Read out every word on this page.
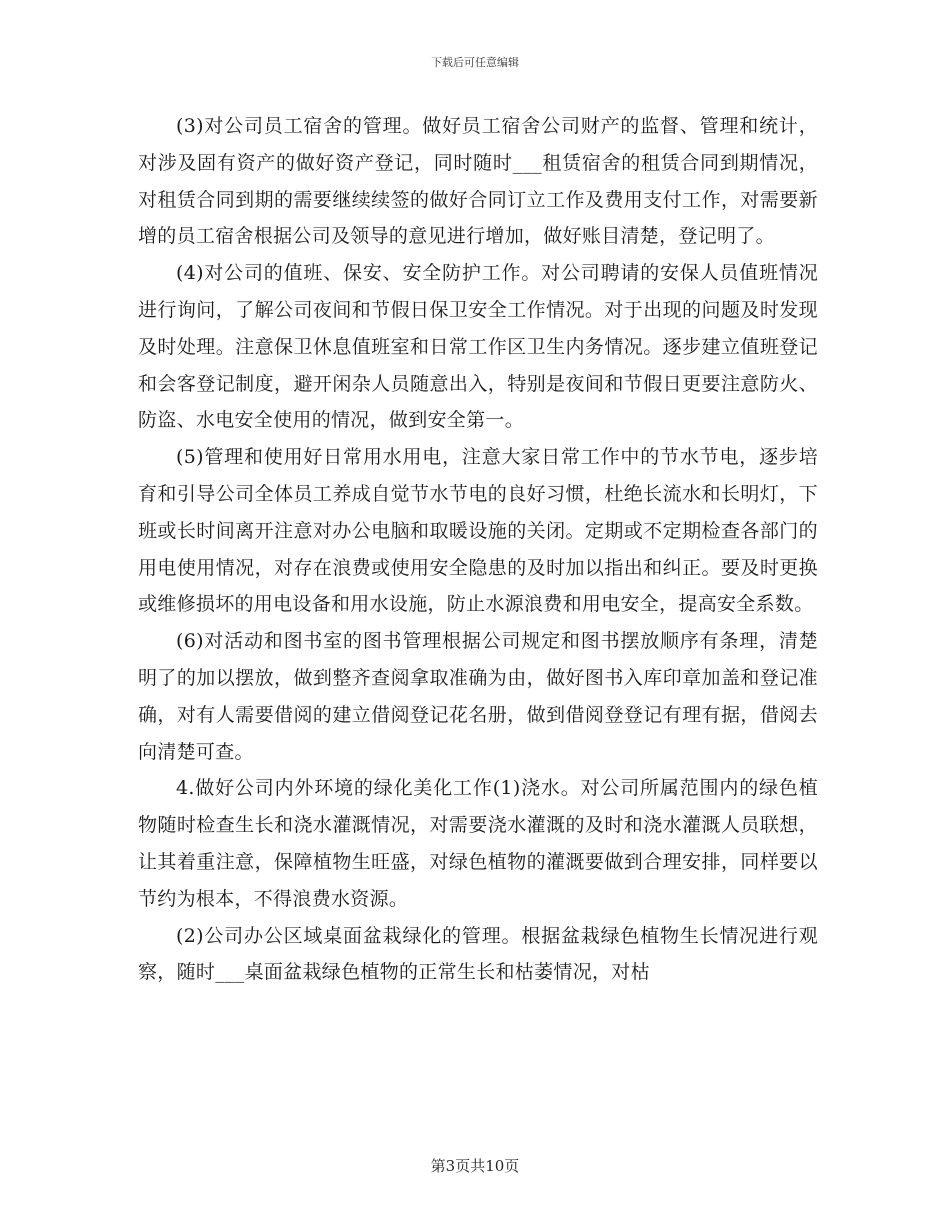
下载后可任意编辑

(3)对公司员工宿舍的管理。做好员工宿舍公司财产的监督、管理和统计，对涉及固有资产的做好资产登记，同时随时___租赁宿舍的租赁合同到期情况，对租赁合同到期的需要继续续签的做好合同订立工作及费用支付工作，对需要新增的员工宿舍根据公司及领导的意见进行增加，做好账目清楚，登记明了。

(4)对公司的值班、保安、安全防护工作。对公司聘请的安保人员值班情况进行询问，了解公司夜间和节假日保卫安全工作情况。对于出现的问题及时发现及时处理。注意保卫休息值班室和日常工作区卫生内务情况。逐步建立值班登记和会客登记制度，避开闲杂人员随意出入，特别是夜间和节假日更要注意防火、防盗、水电安全使用的情况，做到安全第一。

(5)管理和使用好日常用水用电，注意大家日常工作中的节水节电，逐步培育和引导公司全体员工养成自觉节水节电的良好习惯，杜绝长流水和长明灯，下班或长时间离开注意对办公电脑和取暖设施的关闭。定期或不定期检查各部门的用电使用情况，对存在浪费或使用安全隐患的及时加以指出和纠正。要及时更换或维修损坏的用电设备和用水设施，防止水源浪费和用电安全，提高安全系数。

(6)对活动和图书室的图书管理根据公司规定和图书摆放顺序有条理，清楚明了的加以摆放，做到整齐查阅拿取准确为由，做好图书入库印章加盖和登记准确，对有人需要借阅的建立借阅登记花名册，做到借阅登登记有理有据，借阅去向清楚可查。

4.做好公司内外环境的绿化美化工作(1)浇水。对公司所属范围内的绿色植物随时检查生长和浇水灌溉情况，对需要浇水灌溉的及时和浇水灌溉人员联想，让其着重注意，保障植物生旺盛，对绿色植物的灌溉要做到合理安排，同样要以节约为根本，不得浪费水资源。

(2)公司办公区域桌面盆栽绿化的管理。根据盆栽绿色植物生长情况进行观察，随时___桌面盆栽绿色植物的正常生长和枯萎情况，对枯

第3页共10页
